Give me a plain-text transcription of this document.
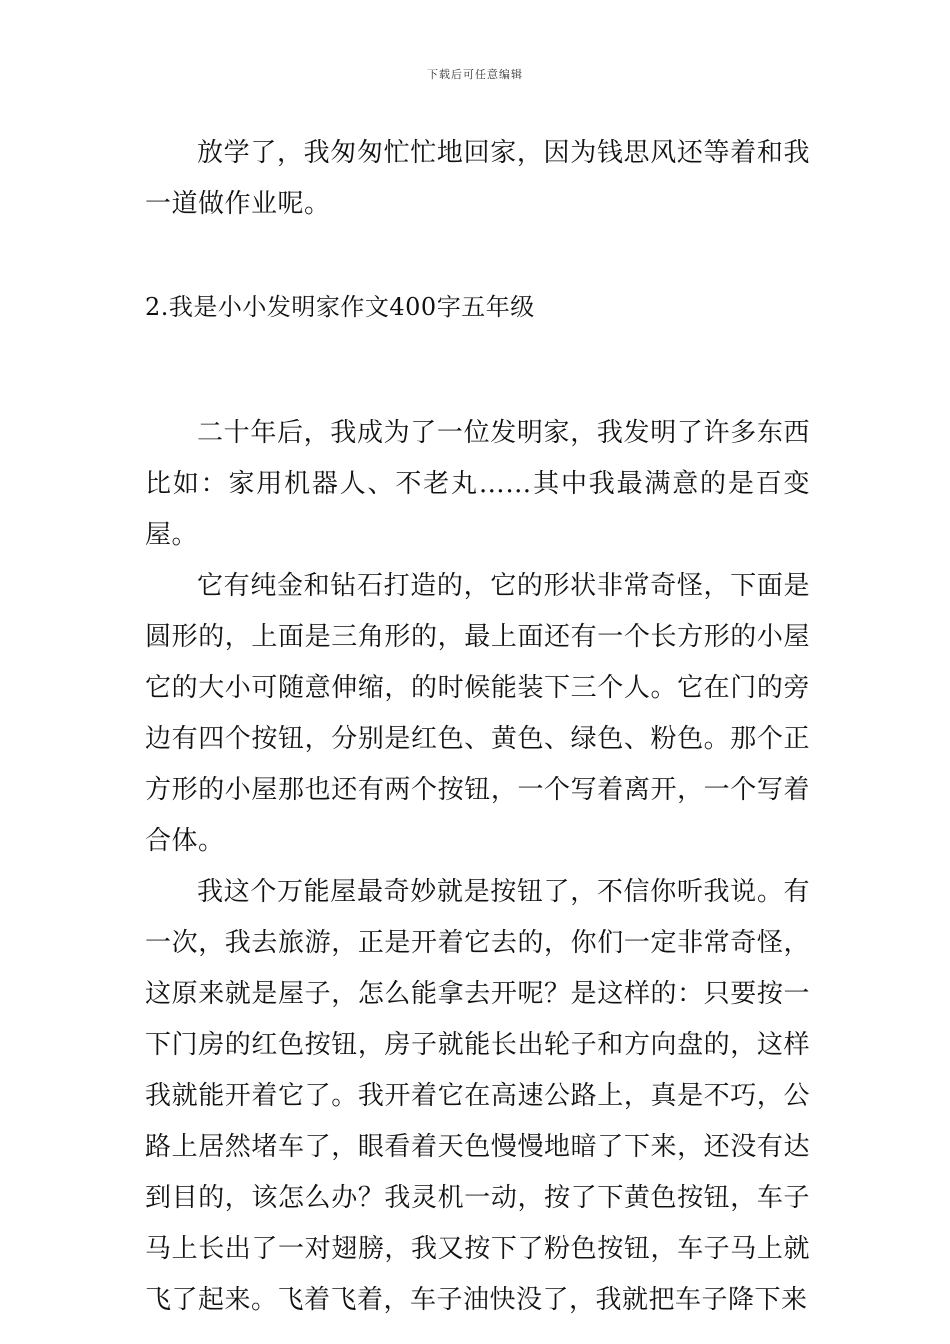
下载后可任意编辑

放学了，我匆匆忙忙地回家，因为钱思风还等着和我一道做作业呢。

2.我是小小发明家作文400字五年级

二十年后，我成为了一位发明家，我发明了许多东西比如：家用机器人、不老丸……其中我最满意的是百变屋。

它有纯金和钻石打造的，它的形状非常奇怪，下面是圆形的，上面是三角形的，最上面还有一个长方形的小屋它的大小可随意伸缩，的时候能装下三个人。它在门的旁边有四个按钮，分别是红色、黄色、绿色、粉色。那个正方形的小屋那也还有两个按钮，一个写着离开，一个写着合体。

我这个万能屋最奇妙就是按钮了，不信你听我说。有一次，我去旅游，正是开着它去的，你们一定非常奇怪，这原来就是屋子，怎么能拿去开呢？是这样的：只要按一下门房的红色按钮，房子就能长出轮子和方向盘的，这样我就能开着它了。我开着它在高速公路上，真是不巧，公路上居然堵车了，眼看着天色慢慢地暗了下来，还没有达到目的，该怎么办？我灵机一动，按了下黄色按钮，车子马上长出了一对翅膀，我又按下了粉色按钮，车子马上就飞了起来。飞着飞着，车子油快没了，我就把车子降下来
